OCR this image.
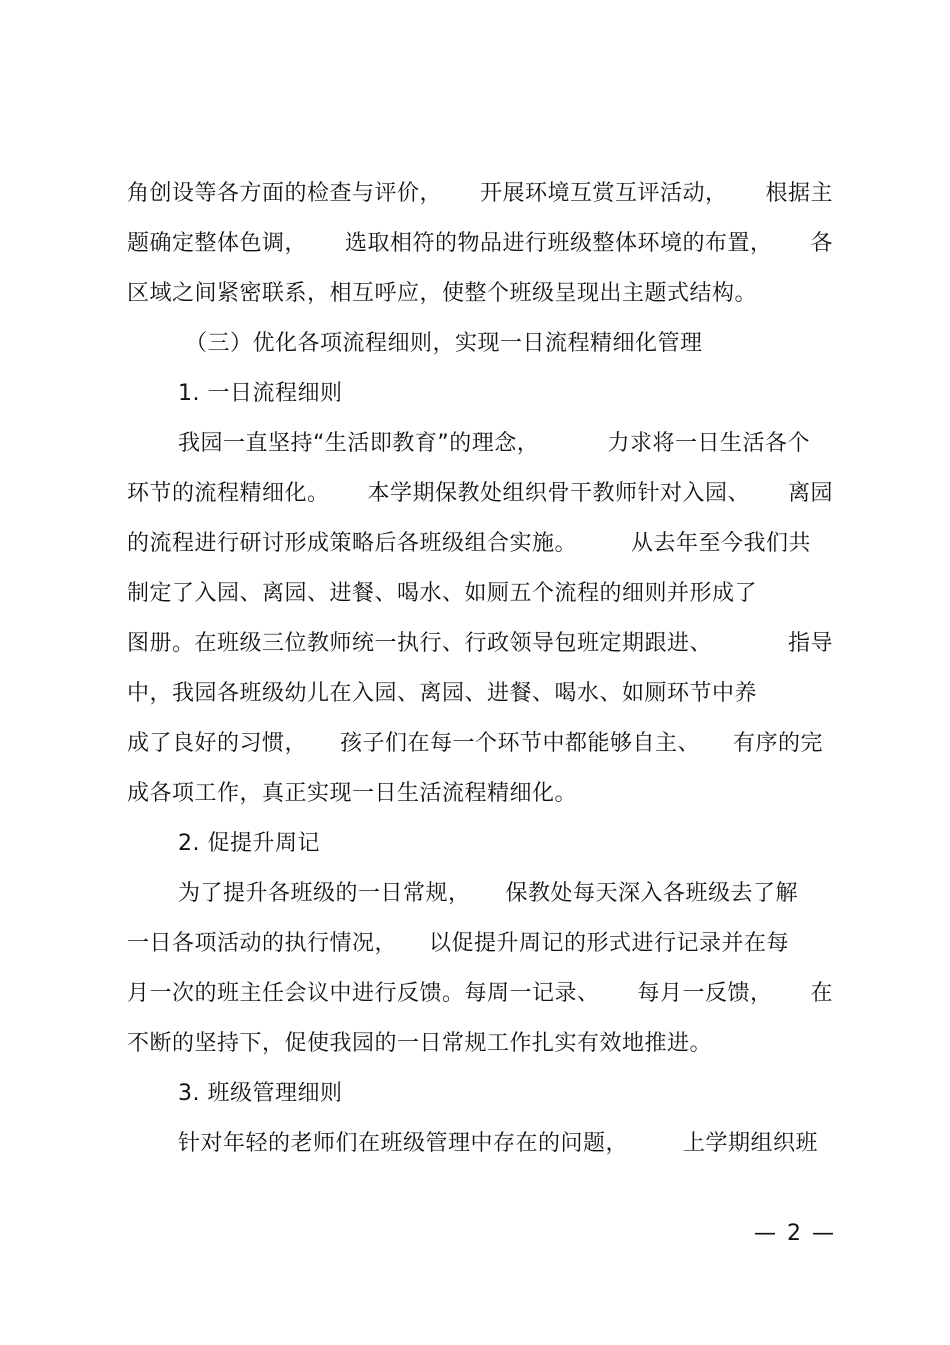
角创设等各方面的检查与评价， 开展环境互赏互评活动， 根据主
题确定整体色调， 选取相符的物品进行班级整体环境的布置， 各
区域之间紧密联系，相互呼应，使整个班级呈现出主题式结构。
（三）优化各项流程细则，实现一日流程精细化管理
1. 一日流程细则
我园一直坚持“生活即教育”的理念，	力求将一日生活各个
环节的流程精细化。 本学期保教处组织骨干教师针对入园、 离园
的流程进行研讨形成策略后各班级组合实施。 从去年至今我们共
制定了入园、离园、进餐、喝水、如厕五个流程的细则并形成了
图册。在班级三位教师统一执行、行政领导包班定期跟进、	指导
中，我园各班级幼儿在入园、离园、进餐、喝水、如厕环节中养
成了良好的习惯， 孩子们在每一个环节中都能够自主、 有序的完
成各项工作，真正实现一日生活流程精细化。
2. 促提升周记
为了提升各班级的一日常规， 保教处每天深入各班级去了解
一日各项活动的执行情况， 以促提升周记的形式进行记录并在每
月一次的班主任会议中进行反馈。每周一记录、 每月一反馈， 在
不断的坚持下，促使我园的一日常规工作扎实有效地推进。
3. 班级管理细则
针对年轻的老师们在班级管理中存在的问题， 上学期组织班
— 2 —
